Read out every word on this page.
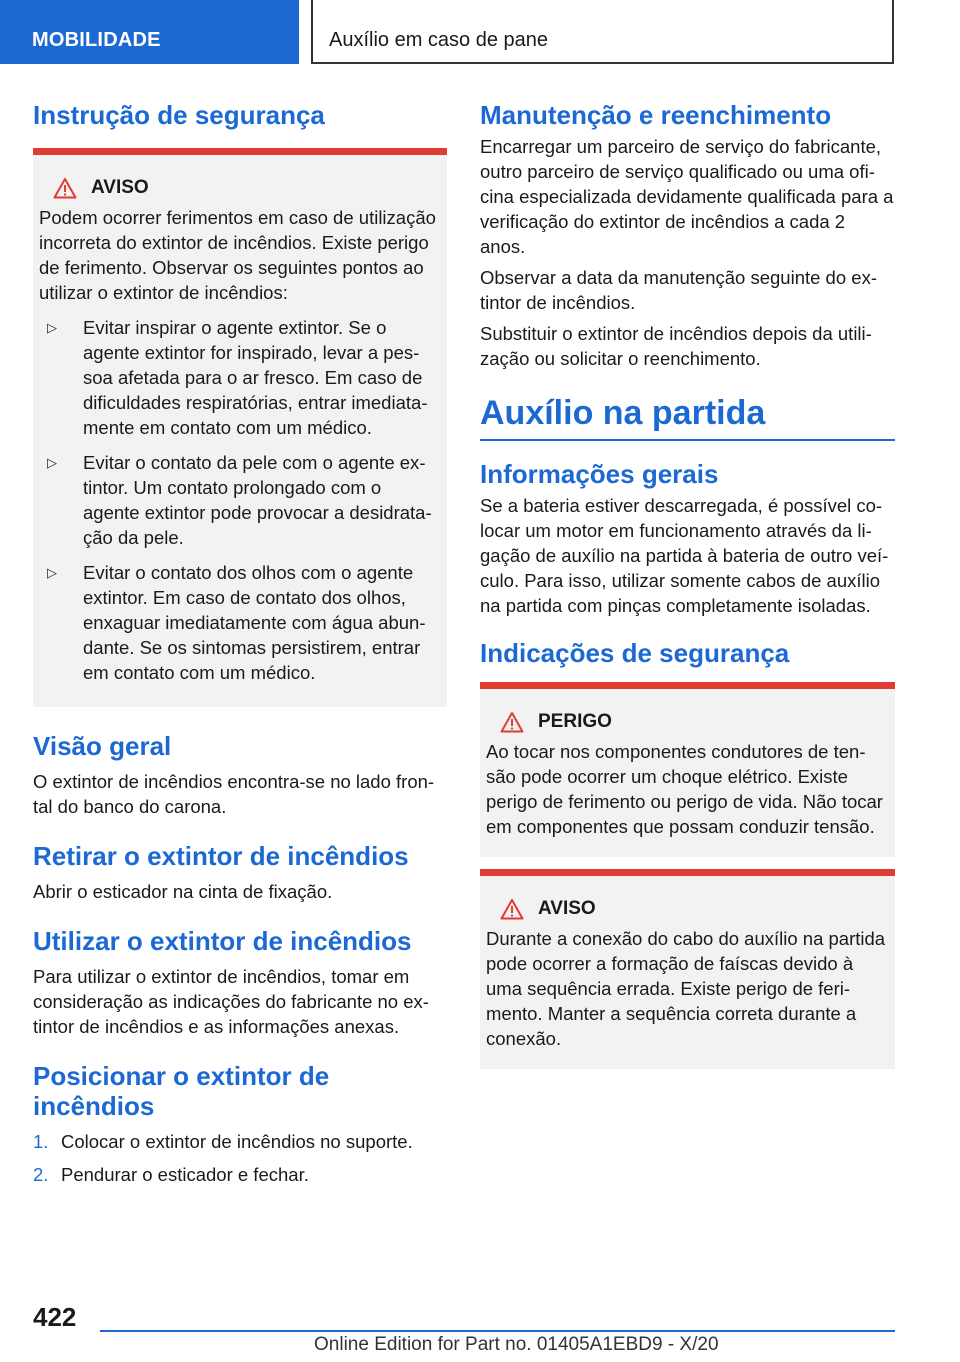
MOBILIDADE	Auxílio em caso de pane
Instrução de segurança
AVISO

Podem ocorrer ferimentos em caso de utilização incorreta do extintor de incêndios. Existe perigo de ferimento. Observar os seguintes pontos ao utilizar o extintor de incêndios:

▷	Evitar inspirar o agente extintor. Se o agente extintor for inspirado, levar a pessoa afetada para o ar fresco. Em caso de dificuldades respiratórias, entrar imediatamente em contato com um médico.
▷	Evitar o contato da pele com o agente extintor. Um contato prolongado com o agente extintor pode provocar a desidratação da pele.
▷	Evitar o contato dos olhos com o agente extintor. Em caso de contato dos olhos, enxaguar imediatamente com água abundante. Se os sintomas persistirem, entrar em contato com um médico.
Visão geral

O extintor de incêndios encontra-se no lado frontal do banco do carona.

Retirar o extintor de incêndios

Abrir o esticador na cinta de fixação.

Utilizar o extintor de incêndios

Para utilizar o extintor de incêndios, tomar em consideração as indicações do fabricante no extintor de incêndios e as informações anexas.

Posicionar o extintor de incêndios
1. Colocar o extintor de incêndios no suporte.
2. Pendurar o esticador e fechar.
Manutenção e reenchimento

Encarregar um parceiro de serviço do fabricante, outro parceiro de serviço qualificado ou uma oficina especializada devidamente qualificada para a verificação do extintor de incêndios a cada 2 anos.

Observar a data da manutenção seguinte do extintor de incêndios.

Substituir o extintor de incêndios depois da utilização ou solicitar o reenchimento.

Auxílio na partida
Informações gerais

Se a bateria estiver descarregada, é possível colocar um motor em funcionamento através da ligação de auxílio na partida à bateria de outro veículo. Para isso, utilizar somente cabos de auxílio na partida com pinças completamente isoladas.

Indicações de segurança
PERIGO

Ao tocar nos componentes condutores de tensão pode ocorrer um choque elétrico. Existe perigo de ferimento ou perigo de vida. Não tocar em componentes que possam conduzir tensão.

AVISO

Durante a conexão do cabo do auxílio na partida pode ocorrer a formação de faíscas devido à uma sequência errada. Existe perigo de ferimento. Manter a sequência correta durante a conexão.

422
Online Edition for Part no. 01405A1EBD9 - X/20
